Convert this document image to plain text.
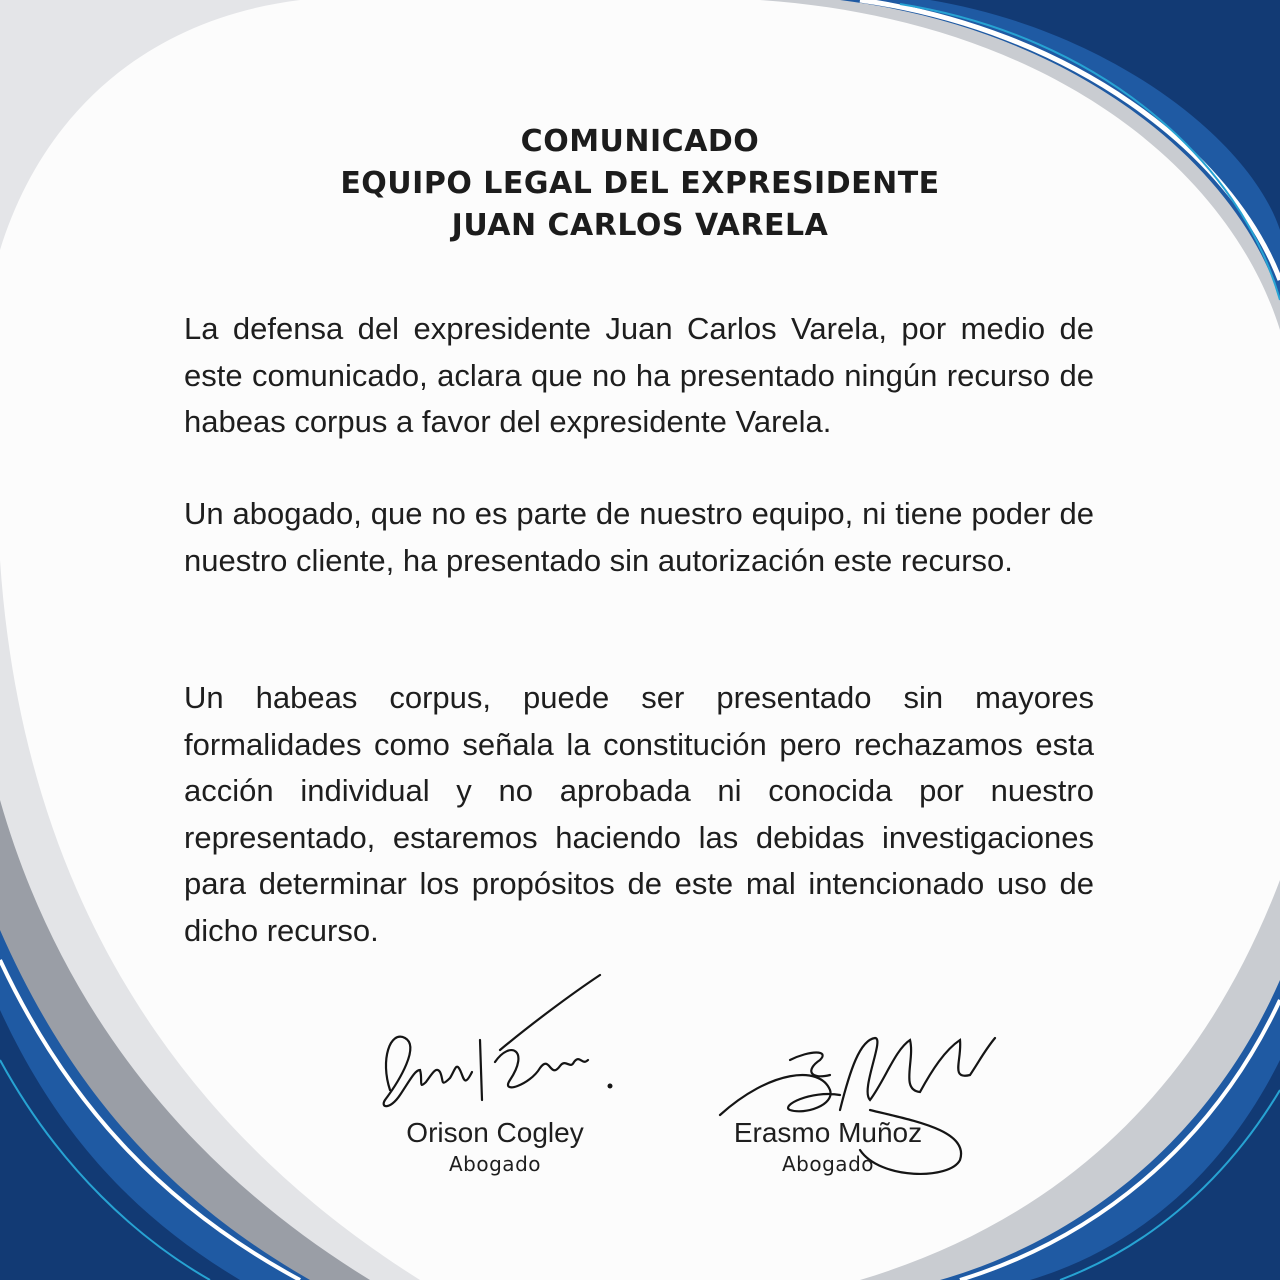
COMUNICADO
EQUIPO LEGAL DEL EXPRESIDENTE
JUAN CARLOS VARELA

La defensa del expresidente Juan Carlos Varela, por medio de este comunicado, aclara que no ha presentado ningún recurso de habeas corpus a favor del expresidente Varela.

Un abogado, que no es parte de nuestro equipo, ni tiene poder de nuestro cliente, ha presentado sin autorización este recurso.

Un habeas corpus, puede ser presentado sin mayores formalidades como señala la constitución pero rechazamos esta acción individual y no aprobada ni conocida por nuestro representado, estaremos haciendo las debidas investigaciones para determinar los propósitos de este mal intencionado uso de dicho recurso.

Orison Cogley
Abogado
Erasmo Muñoz
Abogado
